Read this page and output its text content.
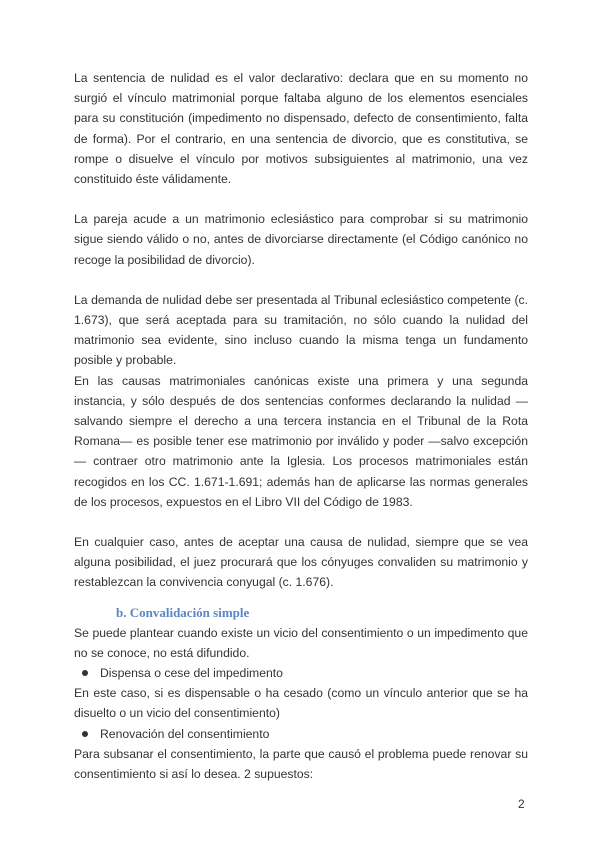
La sentencia de nulidad es el valor declarativo: declara que en su momento no surgió el vínculo matrimonial porque faltaba alguno de los elementos esenciales para su constitución (impedimento no dispensado, defecto de consentimiento, falta de forma). Por el contrario, en una sentencia de divorcio, que es constitutiva, se rompe o disuelve el vínculo por motivos subsiguientes al matrimonio, una vez constituido éste válidamente.

La pareja acude a un matrimonio eclesiástico para comprobar si su matrimonio sigue siendo válido o no, antes de divorciarse directamente (el Código canónico no recoge la posibilidad de divorcio).

La demanda de nulidad debe ser presentada al Tribunal eclesiástico competente (c. 1.673), que será aceptada para su tramitación, no sólo cuando la nulidad del matrimonio sea evidente, sino incluso cuando la misma tenga un fundamento posible y probable.

En las causas matrimoniales canónicas existe una primera y una segunda instancia, y sólo después de dos sentencias conformes declarando la nulidad —salvando siempre el derecho a una tercera instancia en el Tribunal de la Rota Romana— es posible tener ese matrimonio por inválido y poder —salvo excepción— contraer otro matrimonio ante la Iglesia. Los procesos matrimoniales están recogidos en los CC. 1.671-1.691; además han de aplicarse las normas generales de los procesos, expuestos en el Libro VII del Código de 1983.

En cualquier caso, antes de aceptar una causa de nulidad, siempre que se vea alguna posibilidad, el juez procurará que los cónyuges convaliden su matrimonio y restablezcan la convivencia conyugal (c. 1.676).

b. Convalidación simple

Se puede plantear cuando existe un vicio del consentimiento o un impedimento que no se conoce, no está difundido.

Dispensa o cese del impedimento

En este caso, si es dispensable o ha cesado (como un vínculo anterior que se ha disuelto o un vicio del consentimiento)

Renovación del consentimiento

Para subsanar el consentimiento, la parte que causó el problema puede renovar su consentimiento si así lo desea. 2 supuestos:

2
